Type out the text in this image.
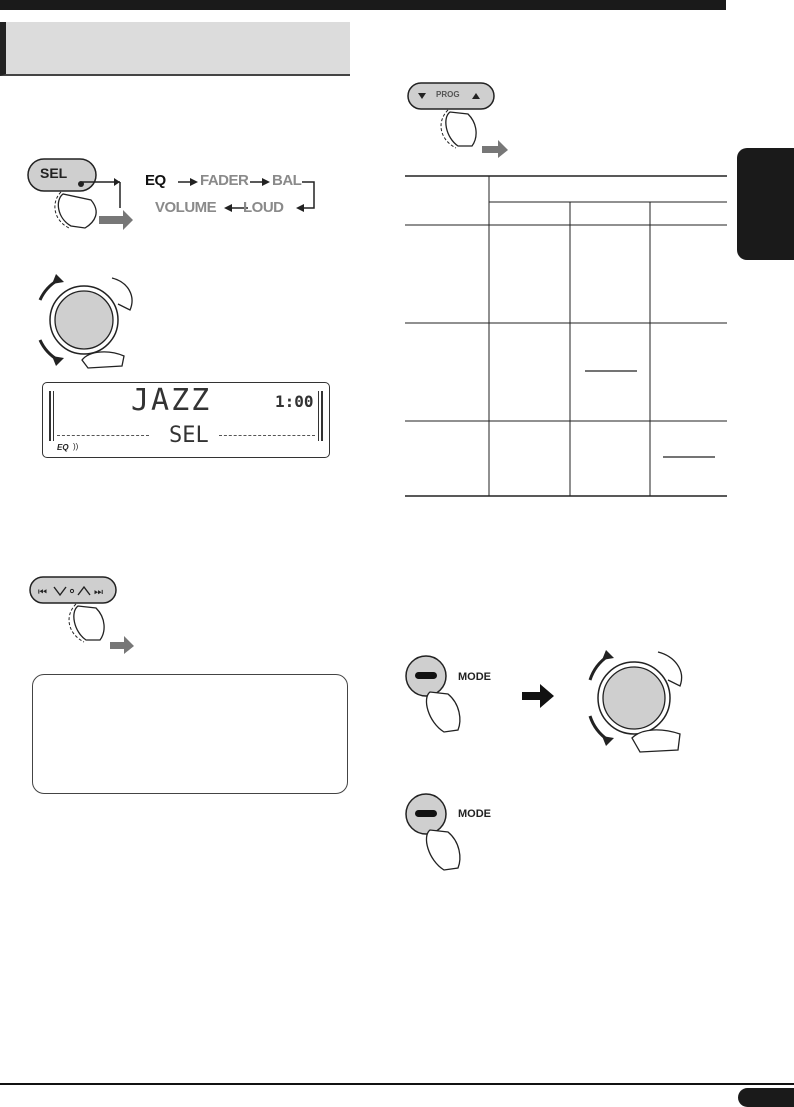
SEL	EQ FADER BAL
VOLUME LOUD
JAZZ	1:00
SEL
EQ ))
⏮	⏭
PROG
MODE
MODE
